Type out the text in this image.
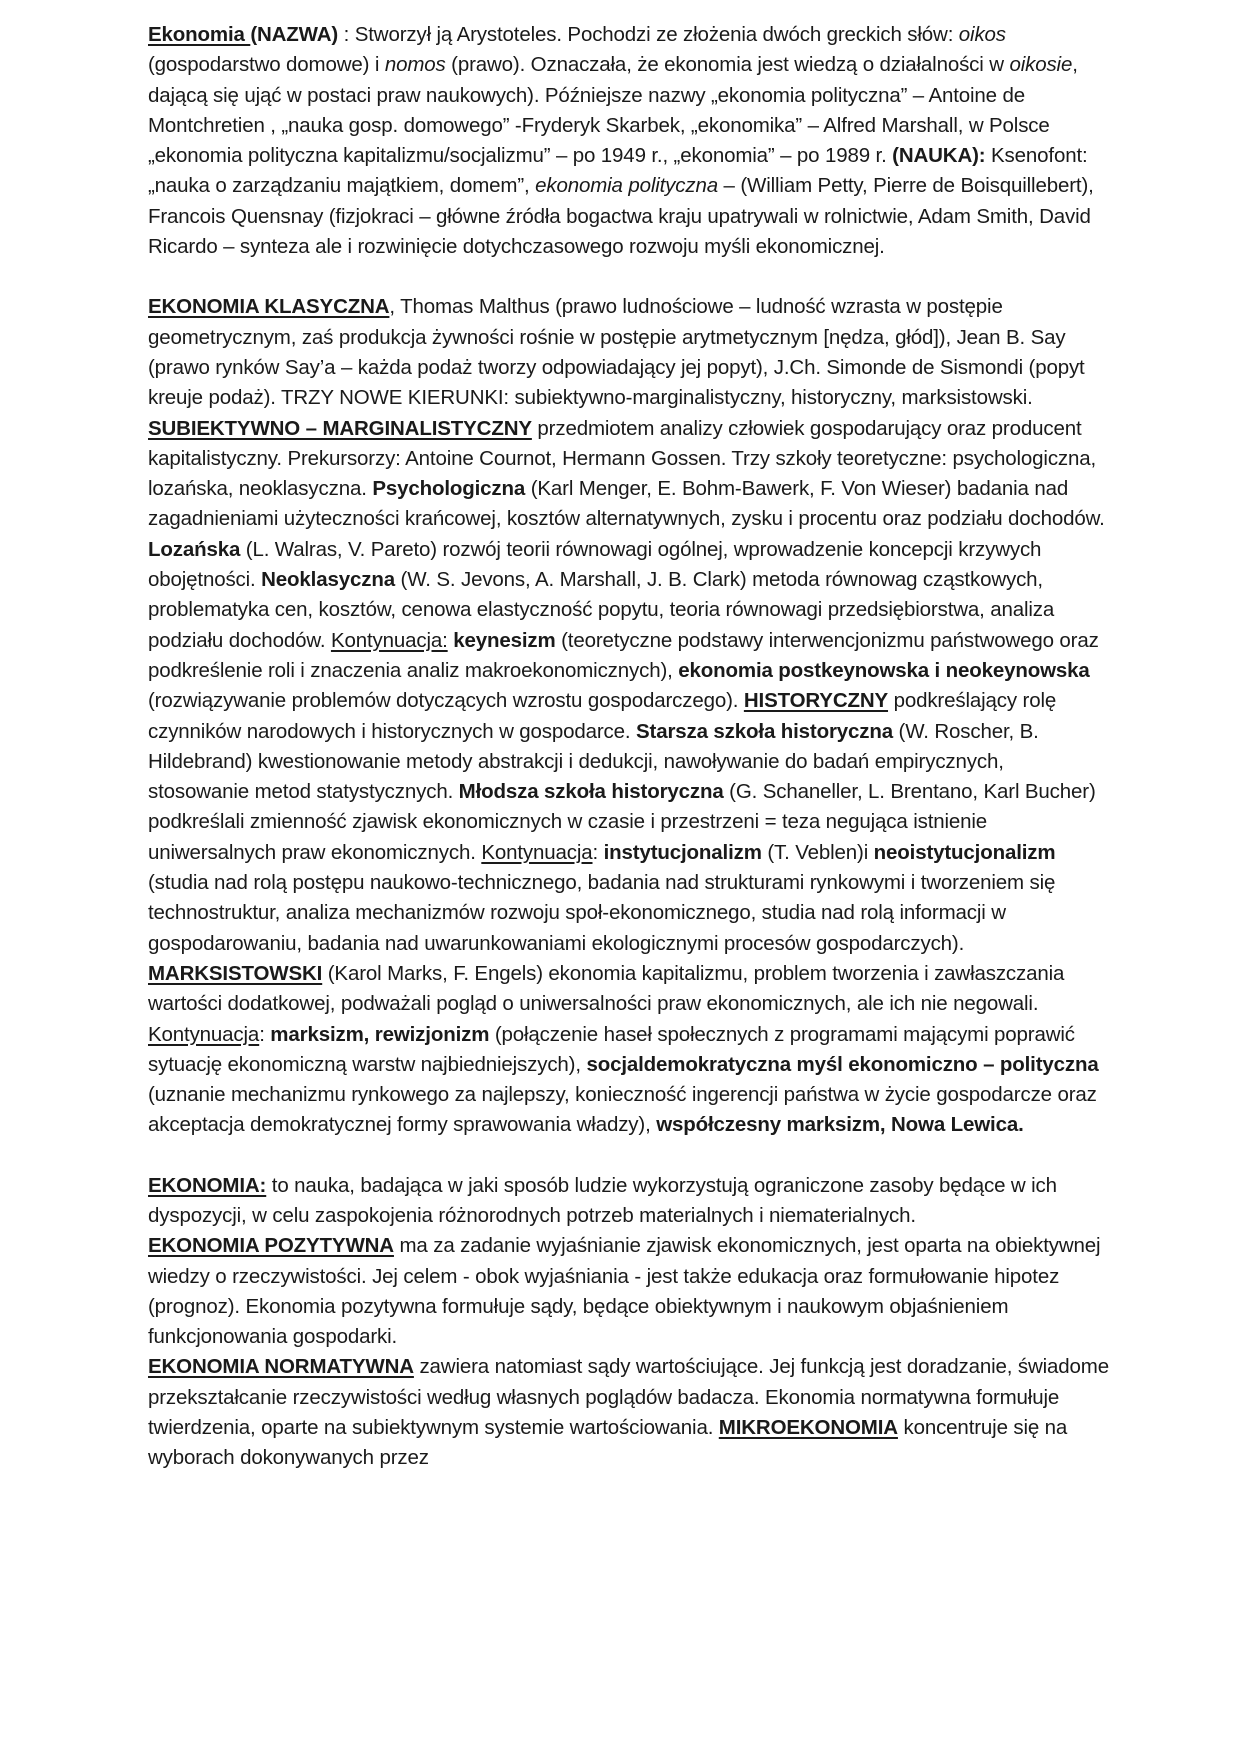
Ekonomia (NAZWA) : Stworzył ją Arystoteles. Pochodzi ze złożenia dwóch greckich słów: oikos (gospodarstwo domowe) i nomos (prawo). Oznaczała, że ekonomia jest wiedzą o działalności w oikosie, dającą się ująć w postaci praw naukowych). Późniejsze nazwy „ekonomia polityczna” – Antoine de Montchretien , „nauka gosp. domowego” -Fryderyk Skarbek, „ekonomika” – Alfred Marshall, w Polsce „ekonomia polityczna kapitalizmu/socjalizmu” – po 1949 r., „ekonomia” – po 1989 r. (NAUKA): Ksenofont: „nauka o zarządzaniu majątkiem, domem”, ekonomia polityczna – (William Petty, Pierre de Boisquillebert), Francois Quensnay (fizjokraci – główne źródła bogactwa kraju upatrywali w rolnictwie, Adam Smith, David Ricardo – synteza ale i rozwinięcie dotychczasowego rozwoju myśli ekonomicznej.

EKONOMIA KLASYCZNA, Thomas Malthus (prawo ludnościowe – ludność wzrasta w postępie geometrycznym, zaś produkcja żywności rośnie w postępie arytmetycznym [nędza, głód]), Jean B. Say (prawo rynków Say’a – każda podaż tworzy odpowiadający jej popyt), J.Ch. Simonde de Sismondi (popyt kreuje podaż). TRZY NOWE KIERUNKI: subiektywno-marginalistyczny, historyczny, marksistowski. SUBIEKTYWNO – MARGINALISTYCZNY przedmiotem analizy człowiek gospodarujący oraz producent kapitalistyczny. Prekursorzy: Antoine Cournot, Hermann Gossen. Trzy szkoły teoretyczne: psychologiczna, lozańska, neoklasyczna. Psychologiczna (Karl Menger, E. Bohm-Bawerk, F. Von Wieser) badania nad zagadnieniami użyteczności krańcowej, kosztów alternatywnych, zysku i procentu oraz podziału dochodów. Lozańska (L. Walras, V. Pareto) rozwój teorii równowagi ogólnej, wprowadzenie koncepcji krzywych obojętności. Neoklasyczna (W. S. Jevons, A. Marshall, J. B. Clark) metoda równowag cząstkowych, problematyka cen, kosztów, cenowa elastyczność popytu, teoria równowagi przedsiębiorstwa, analiza podziału dochodów. Kontynuacja: keynesizm (teoretyczne podstawy interwencjonizmu państwowego oraz podkreślenie roli i znaczenia analiz makroekonomicznych), ekonomia postkeynowska i neokeynowska (rozwiązywanie problemów dotyczących wzrostu gospodarczego). HISTORYCZNY podkreślający rolę czynników narodowych i historycznych w gospodarce. Starsza szkoła historyczna (W. Roscher, B. Hildebrand) kwestionowanie metody abstrakcji i dedukcji, nawoływanie do badań empirycznych, stosowanie metod statystycznych. Młodsza szkoła historyczna (G. Schaneller, L. Brentano, Karl Bucher) podkreślali zmienność zjawisk ekonomicznych w czasie i przestrzeni = teza negująca istnienie uniwersalnych praw ekonomicznych. Kontynuacja: instytucjonalizm (T. Veblen)i neoistytucjonalizm (studia nad rolą postępu naukowo-technicznego, badania nad strukturami rynkowymi i tworzeniem się technostruktur, analiza mechanizmów rozwoju społ-ekonomicznego, studia nad rolą informacji w gospodarowaniu, badania nad uwarunkowaniami ekologicznymi procesów gospodarczych). MARKSISTOWSKI (Karol Marks, F. Engels) ekonomia kapitalizmu, problem tworzenia i zawłaszczania wartości dodatkowej, podważali pogląd o uniwersalności praw ekonomicznych, ale ich nie negowali. Kontynuacja: marksizm, rewizjonizm (połączenie haseł społecznych z programami mającymi poprawić sytuację ekonomiczną warstw najbiedniejszych), socjaldemokratyczna myśl ekonomiczno – polityczna (uznanie mechanizmu rynkowego za najlepszy, konieczność ingerencji państwa w życie gospodarcze oraz akceptacja demokratycznej formy sprawowania władzy), współczesny marksizm, Nowa Lewica.

EKONOMIA: to nauka, badająca w jaki sposób ludzie wykorzystują ograniczone zasoby będące w ich dyspozycji, w celu zaspokojenia różnorodnych potrzeb materialnych i niematerialnych.

EKONOMIA POZYTYWNA ma za zadanie wyjaśnianie zjawisk ekonomicznych, jest oparta na obiektywnej wiedzy o rzeczywistości. Jej celem - obok wyjaśniania - jest także edukacja oraz formułowanie hipotez (prognoz). Ekonomia pozytywna formułuje sądy, będące obiektywnym i naukowym objaśnieniem funkcjonowania gospodarki.

EKONOMIA NORMATYWNA zawiera natomiast sądy wartościujące. Jej funkcją jest doradzanie, świadome przekształcanie rzeczywistości według własnych poglądów badacza. Ekonomia normatywna formułuje twierdzenia, oparte na subiektywnym systemie wartościowania. MIKROEKONOMIA koncentruje się na wyborach dokonywanych przez
